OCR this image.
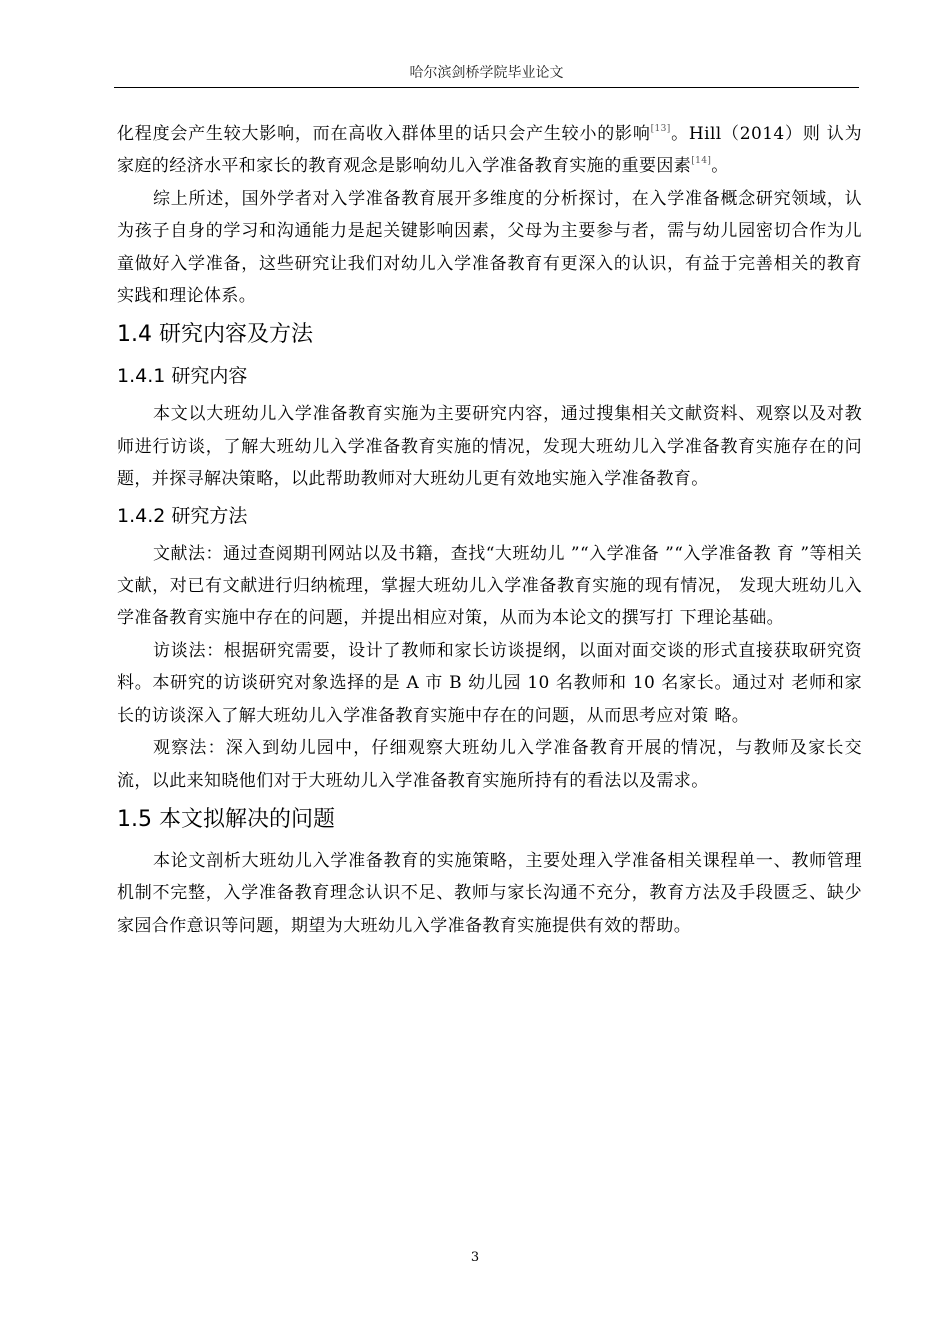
哈尔滨剑桥学院毕业论文

化程度会产生较大影响，而在高收入群体里的话只会产生较小的影响[13]。Hill（2014）则 认为家庭的经济水平和家长的教育观念是影响幼儿入学准备教育实施的重要因素[14]。

综上所述，国外学者对入学准备教育展开多维度的分析探讨，在入学准备概念研究领域，认为孩子自身的学习和沟通能力是起关键影响因素，父母为主要参与者，需与幼儿园密切合作为儿童做好入学准备，这些研究让我们对幼儿入学准备教育有更深入的认识，有益于完善相关的教育实践和理论体系。

1.4 研究内容及方法
1.4.1 研究内容

本文以大班幼儿入学准备教育实施为主要研究内容，通过搜集相关文献资料、观察以及对教师进行访谈，了解大班幼儿入学准备教育实施的情况，发现大班幼儿入学准备教育实施存在的问题，并探寻解决策略，以此帮助教师对大班幼儿更有效地实施入学准备教育。

1.4.2 研究方法

文献法：通过查阅期刊网站以及书籍，查找“大班幼儿 ”“入学准备 ”“入学准备教 育 ”等相关文献，对已有文献进行归纳梳理，掌握大班幼儿入学准备教育实施的现有情况， 发现大班幼儿入学准备教育实施中存在的问题，并提出相应对策，从而为本论文的撰写打 下理论基础。

访谈法：根据研究需要，设计了教师和家长访谈提纲，以面对面交谈的形式直接获取研究资料。本研究的访谈研究对象选择的是 A 市 B 幼儿园 10 名教师和 10 名家长。通过对 老师和家长的访谈深入了解大班幼儿入学准备教育实施中存在的问题，从而思考应对策 略。

观察法：深入到幼儿园中，仔细观察大班幼儿入学准备教育开展的情况，与教师及家长交流，以此来知晓他们对于大班幼儿入学准备教育实施所持有的看法以及需求。

1.5 本文拟解决的问题

本论文剖析大班幼儿入学准备教育的实施策略，主要处理入学准备相关课程单一、教师管理机制不完整，入学准备教育理念认识不足、教师与家长沟通不充分，教育方法及手段匮乏、缺少家园合作意识等问题，期望为大班幼儿入学准备教育实施提供有效的帮助。

3
